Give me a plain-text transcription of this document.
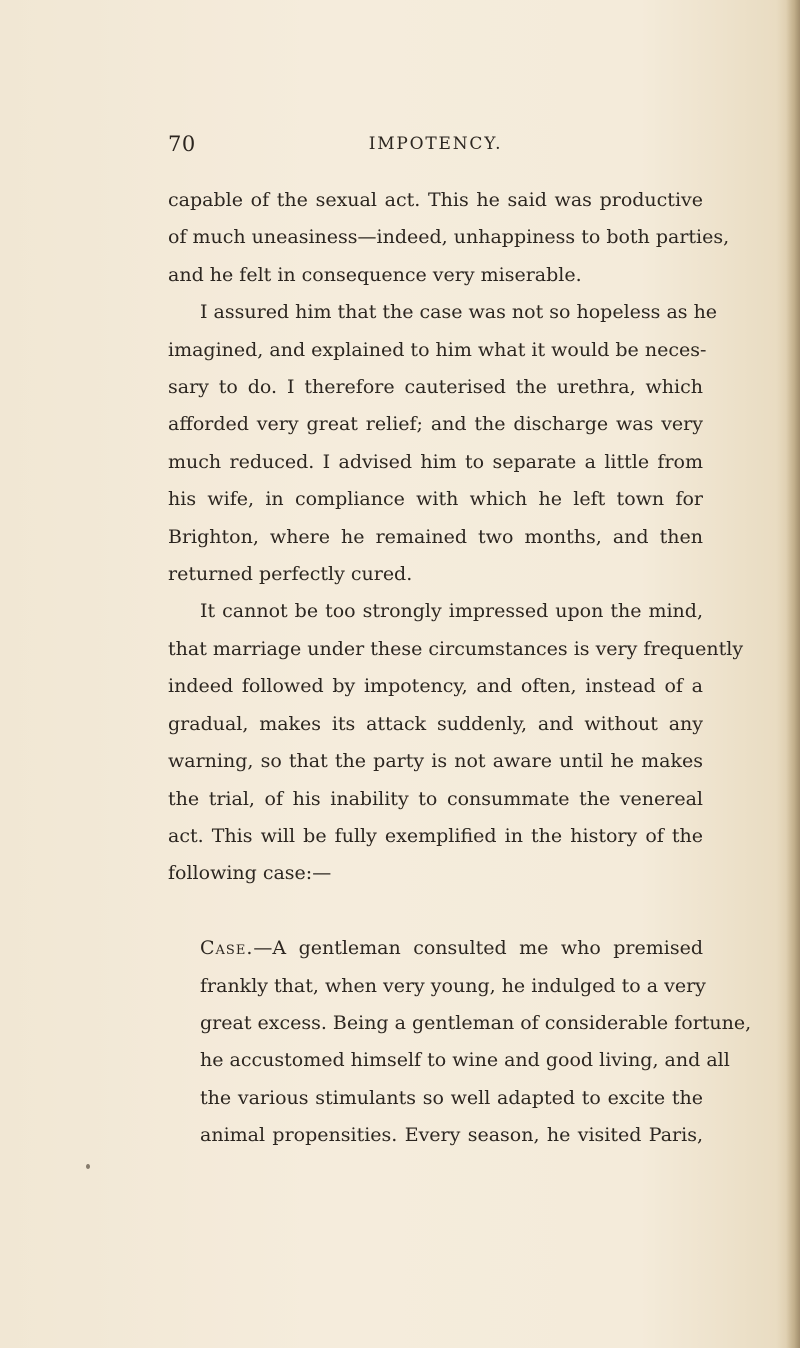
70	IMPOTENCY.

capable of the sexual act. This he said was productive
of much uneasiness—indeed, unhappiness to both parties,
and he felt in consequence very miserable.

I assured him that the case was not so hopeless as he
imagined, and explained to him what it would be neces-
sary to do. I therefore cauterised the urethra, which
afforded very great relief; and the discharge was very
much reduced. I advised him to separate a little from
his wife, in compliance with which he left town for
Brighton, where he remained two months, and then
returned perfectly cured.

It cannot be too strongly impressed upon the mind,
that marriage under these circumstances is very frequently
indeed followed by impotency, and often, instead of a
gradual, makes its attack suddenly, and without any
warning, so that the party is not aware until he makes
the trial, of his inability to consummate the venereal
act. This will be fully exemplified in the history of the
following case:—

Case.—A gentleman consulted me who premised
frankly that, when very young, he indulged to a very
great excess. Being a gentleman of considerable fortune,
he accustomed himself to wine and good living, and all
the various stimulants so well adapted to excite the
animal propensities. Every season, he visited Paris,
